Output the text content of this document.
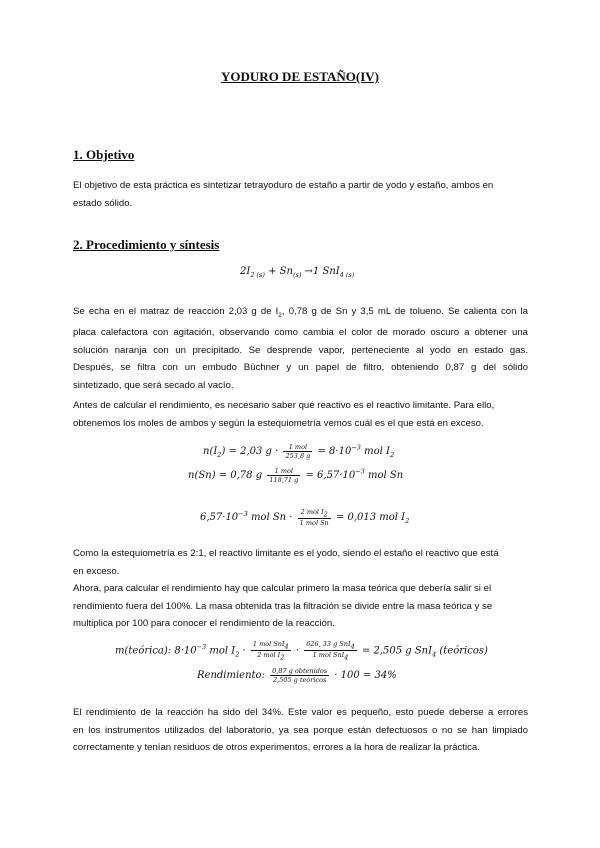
YODURO DE ESTAÑO(IV)
1. Objetivo
El objetivo de esta práctica es sintetizar tetrayoduro de estaño a partir de yodo y estaño, ambos en
estado sólido.
2. Procedimiento y síntesis
$2I_{2 (s)} + Sn_{(s)} \to 1$ SnI$_{4 (s)}$
Se echa en el matraz de reacción 2,03 g de $I_2$, 0,78 g de Sn y 3,5 mL de tolueno. Se calienta con la
placa calefactora con agitación, observando como cambia el color de morado oscuro a obtener una
solución naranja con un precipitado. Se desprende vapor, perteneciente al yodo en estado gas.
Después, se filtra con un embudo Büchner y un papel de filtro, obteniendo 0,87 g del sólido
sintetizado, que será secado al vacío.
Antes de calcular el rendimiento, es necesario saber qué reactivo es el reactivo limitante. Para ello,
obtenemos los moles de ambos y según la estequiometría vemos cuál es el que está en exceso.
$n(I_2) = 2,03$ $g \cdot \frac{\text{1 mol}}{253,8 g} = 8\cdot 10^{-3}$ mol $I_2$
n(Sn) = 0,78 g $\frac{\text{1 mol}}{118,71 g} = 6,57\cdot 10^{-3}$ mol Sn
$6,57\cdot 10^{-3}$ mol $Sn \cdot \frac{2 mol I_2}{\text{1 mol Sn}} = 0,013$ mol $I_2$
Como la estequiometría es 2:1, el reactivo limitante es el yodo, siendo el estaño el reactivo que está
en exceso.
Ahora, para calcular el rendimiento hay que calcular primero la masa teórica que debería salir si el
rendimiento fuera del 100%. La masa obtenida tras la filtración se divide entre la masa teórica y se
multiplica por 100 para conocer el rendimiento de la reacción.
m(teórica): $8\cdot 10^{-3}$ mol $I_2 \cdot \frac{1 mol SnI_4}{2 mol I_2} \cdot \frac{626, 33 g SnI_4}{1 mol SnI_4} = 2,505$ g SnI$_4$ (teóricos)
Rendimiento: $\frac{\text{0,87 g obtenidos}}{\text{2,505 g teóricos}} \cdot 100 = 34\%$
El rendimiento de la reacción ha sido del 34%. Este valor es pequeño, esto puede deberse a errores
en los instrumentos utilizados del laboratorio, ya sea porque están defectuosos o no se han limpiado
correctamente y tenían residuos de otros experimentos, errores a la hora de realizar la práctica.
